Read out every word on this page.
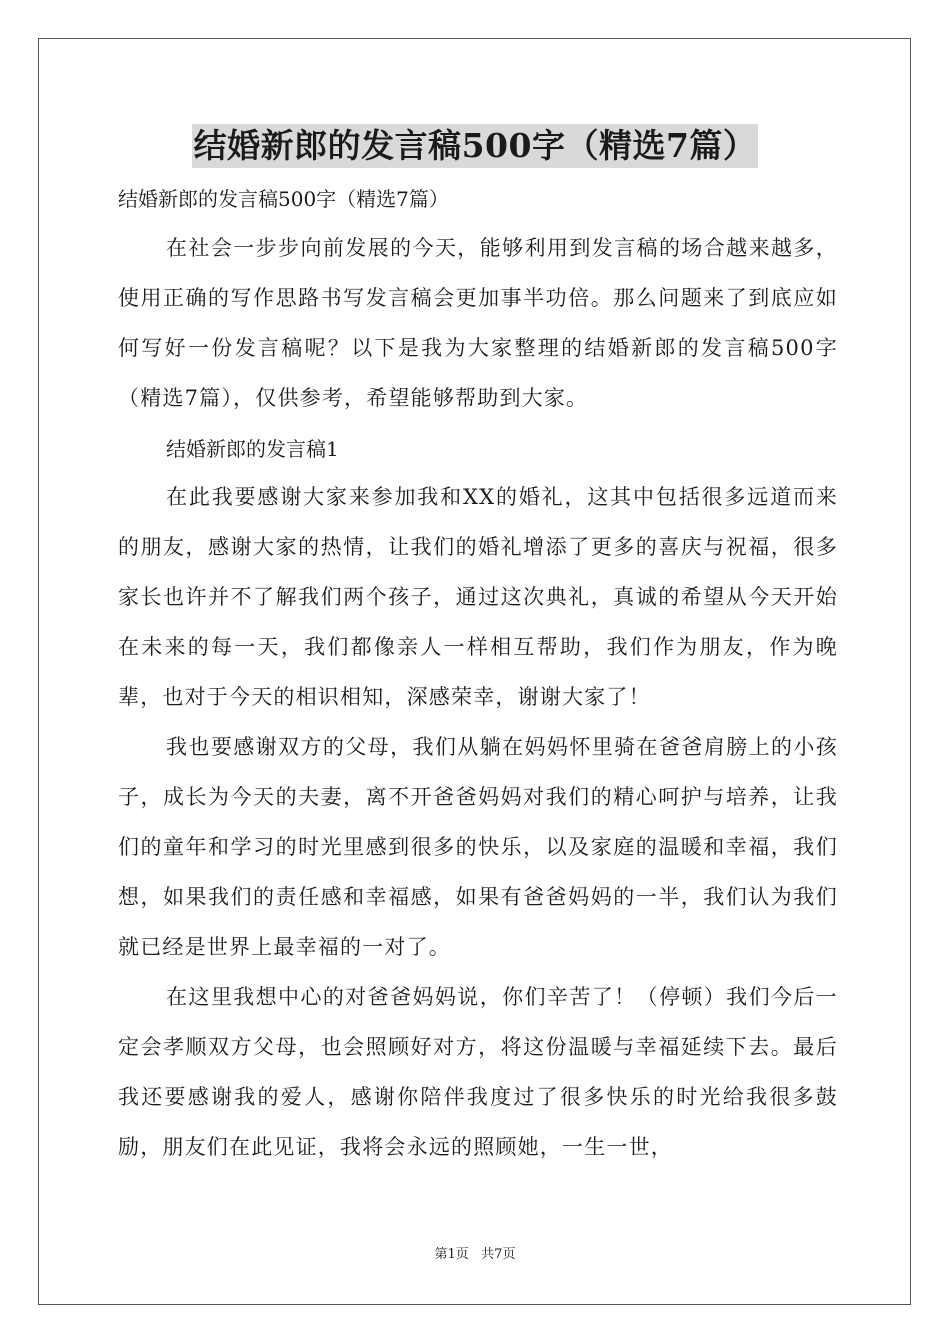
结婚新郎的发言稿500字（精选7篇）
结婚新郎的发言稿500字（精选7篇）

在社会一步步向前发展的今天，能够利用到发言稿的场合越来越多，使用正确的写作思路书写发言稿会更加事半功倍。那么问题来了到底应如何写好一份发言稿呢？以下是我为大家整理的结婚新郎的发言稿500字（精选7篇），仅供参考，希望能够帮助到大家。

结婚新郎的发言稿1

在此我要感谢大家来参加我和XX的婚礼，这其中包括很多远道而来的朋友，感谢大家的热情，让我们的婚礼增添了更多的喜庆与祝福，很多家长也许并不了解我们两个孩子，通过这次典礼，真诚的希望从今天开始在未来的每一天，我们都像亲人一样相互帮助，我们作为朋友，作为晚辈，也对于今天的相识相知，深感荣幸，谢谢大家了！

我也要感谢双方的父母，我们从躺在妈妈怀里骑在爸爸肩膀上的小孩子，成长为今天的夫妻，离不开爸爸妈妈对我们的精心呵护与培养，让我们的童年和学习的时光里感到很多的快乐，以及家庭的温暖和幸福，我们想，如果我们的责任感和幸福感，如果有爸爸妈妈的一半，我们认为我们就已经是世界上最幸福的一对了。

在这里我想中心的对爸爸妈妈说，你们辛苦了！（停顿）我们今后一定会孝顺双方父母，也会照顾好对方，将这份温暖与幸福延续下去。最后我还要感谢我的爱人，感谢你陪伴我度过了很多快乐的时光给我很多鼓励，朋友们在此见证，我将会永远的照顾她，一生一世，

第1页   共7页
